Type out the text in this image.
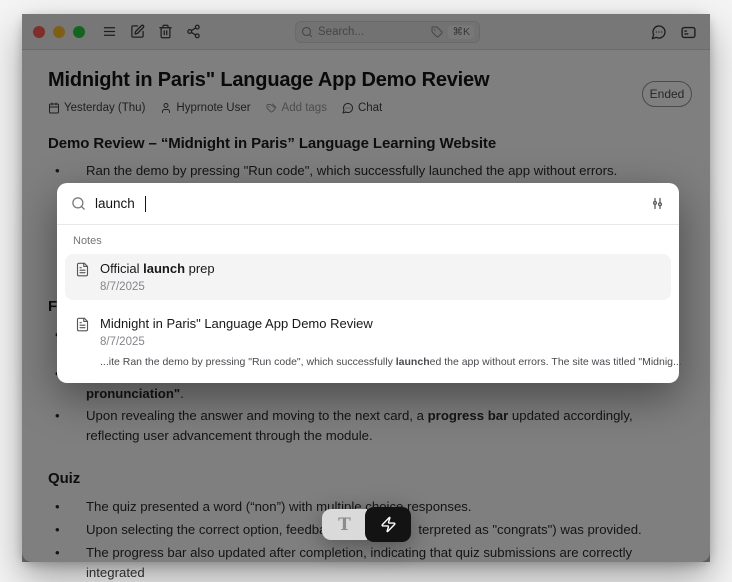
•
•
•
•
• integrated
launch
Notes
Official launch prep
8/7/2025
Midnight in Paris" Language App Demo Review
8/7/2025
...ite Ran the demo by pressing "Run code", which successfully launched the app without errors. The site was titled "Midnig...
T
